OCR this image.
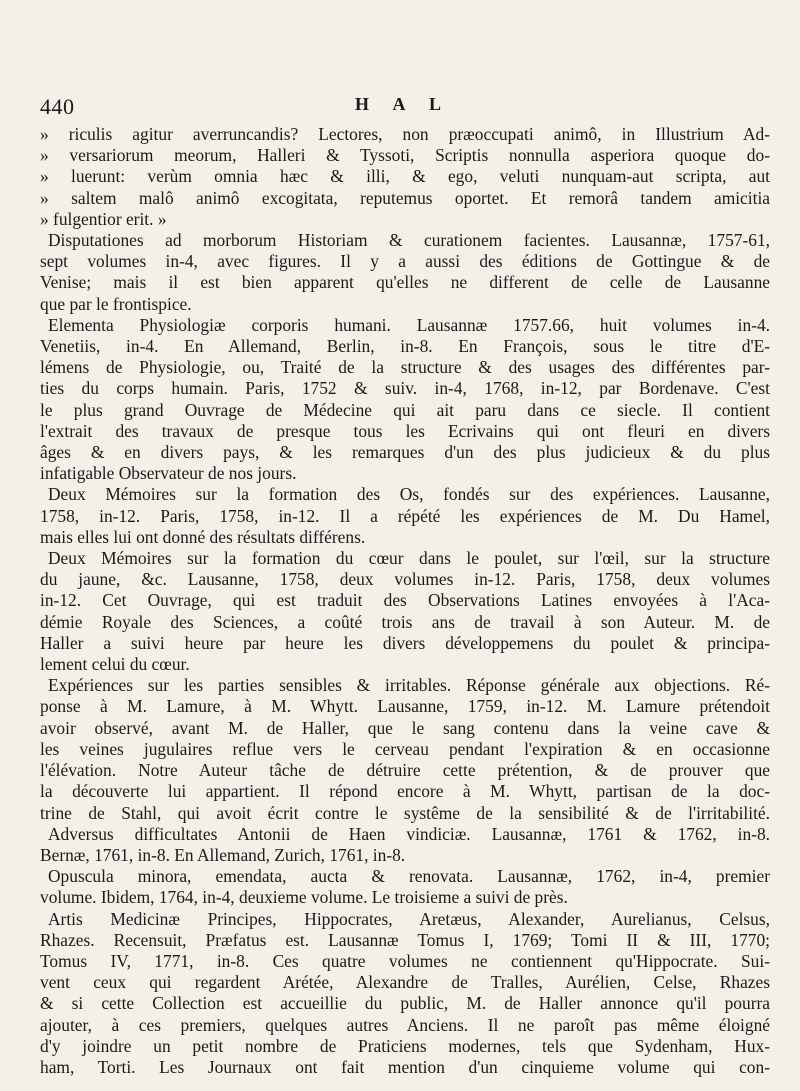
440	H A L
» riculis agitur averruncandis? Lectores, non præoccupati animô, in Illustrium Ad-
» versariorum meorum, Halleri & Tyssoti, Scriptis nonnulla asperiora quoque do-
» luerunt: verùm omnia hæc & illi, & ego, veluti nunquam-aut scripta, aut
» saltem malô animô excogitata, reputemus oportet. Et remorâ tandem amicitia
» fulgentior erit. »
Disputationes ad morborum Historiam & curationem facientes. Lausannæ, 1757-61,
sept volumes in-4, avec figures. Il y a aussi des éditions de Gottingue & de
Venise; mais il est bien apparent qu'elles ne different de celle de Lausanne
que par le frontispice.
Elementa Physiologiæ corporis humani. Lausannæ 1757.66, huit volumes in-4.
Venetiis, in-4. En Allemand, Berlin, in-8. En François, sous le titre d'E-
lémens de Physiologie, ou, Traité de la structure & des usages des différentes par-
ties du corps humain. Paris, 1752 & suiv. in-4, 1768, in-12, par Bordenave. C'est
le plus grand Ouvrage de Médecine qui ait paru dans ce siecle. Il contient
l'extrait des travaux de presque tous les Ecrivains qui ont fleuri en divers
âges & en divers pays, & les remarques d'un des plus judicieux & du plus
infatigable Observateur de nos jours.
Deux Mémoires sur la formation des Os, fondés sur des expériences. Lausanne,
1758, in-12. Paris, 1758, in-12. Il a répété les expériences de M. Du Hamel,
mais elles lui ont donné des résultats différens.
Deux Mémoires sur la formation du cœur dans le poulet, sur l'œil, sur la structure
du jaune, &c. Lausanne, 1758, deux volumes in-12. Paris, 1758, deux volumes
in-12. Cet Ouvrage, qui est traduit des Observations Latines envoyées à l'Aca-
démie Royale des Sciences, a coûté trois ans de travail à son Auteur. M. de
Haller a suivi heure par heure les divers développemens du poulet & principa-
lement celui du cœur.
Expériences sur les parties sensibles & irritables. Réponse générale aux objections. Ré-
ponse à M. Lamure, à M. Whytt. Lausanne, 1759, in-12. M. Lamure prétendoit
avoir observé, avant M. de Haller, que le sang contenu dans la veine cave &
les veines jugulaires reflue vers le cerveau pendant l'expiration & en occasionne
l'élévation. Notre Auteur tâche de détruire cette prétention, & de prouver que
la découverte lui appartient. Il répond encore à M. Whytt, partisan de la doc-
trine de Stahl, qui avoit écrit contre le systême de la sensibilité & de l'irritabilité.
Adversus difficultates Antonii de Haen vindiciæ. Lausannæ, 1761 & 1762, in-8.
Bernæ, 1761, in-8. En Allemand, Zurich, 1761, in-8.
Opuscula minora, emendata, aucta & renovata. Lausannæ, 1762, in-4, premier
volume. Ibidem, 1764, in-4, deuxieme volume. Le troisieme a suivi de près.
Artis Medicinæ Principes, Hippocrates, Aretæus, Alexander, Aurelianus, Celsus,
Rhazes. Recensuit, Præfatus est. Lausannæ Tomus I, 1769; Tomi II & III, 1770;
Tomus IV, 1771, in-8. Ces quatre volumes ne contiennent qu'Hippocrate. Sui-
vent ceux qui regardent Arétée, Alexandre de Tralles, Aurélien, Celse, Rhazes
& si cette Collection est accueillie du public, M. de Haller annonce qu'il pourra
ajouter, à ces premiers, quelques autres Anciens. Il ne paroît pas même éloigné
d'y joindre un petit nombre de Praticiens modernes, tels que Sydenham, Hux-
ham, Torti. Les Journaux ont fait mention d'un cinquieme volume qui con-
